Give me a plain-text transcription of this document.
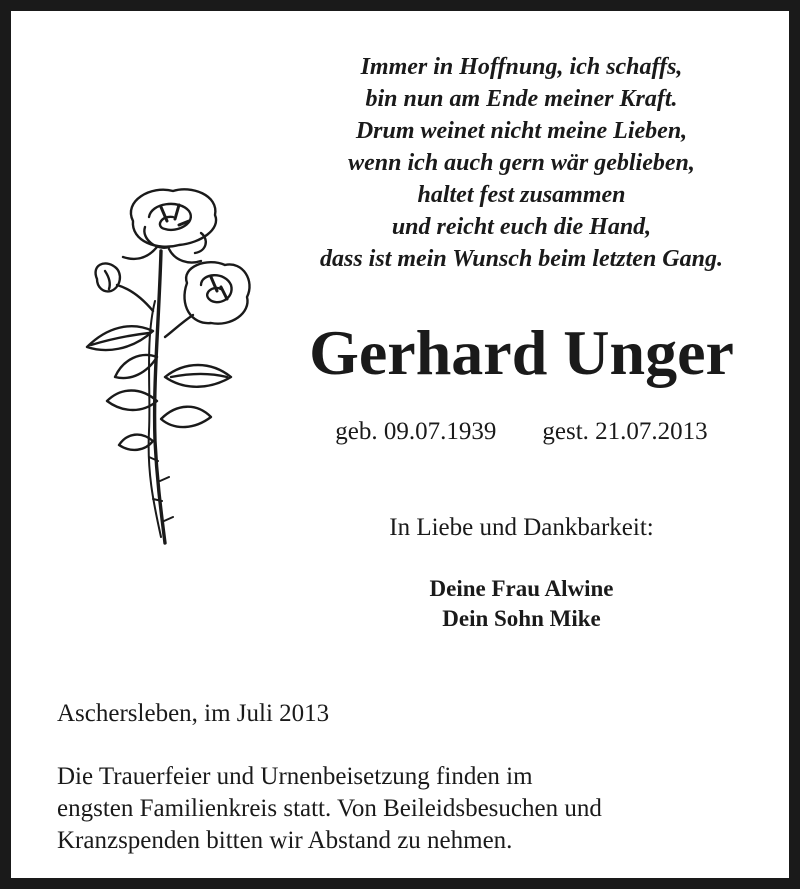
Immer in Hoffnung, ich schaffs,
bin nun am Ende meiner Kraft.
Drum weinet nicht meine Lieben,
wenn ich auch gern wär geblieben,
haltet fest zusammen
und reicht euch die Hand,
dass ist mein Wunsch beim letzten Gang.
Gerhard Unger
geb. 09.07.1939 gest. 21.07.2013
In Liebe und Dankbarkeit:
Deine Frau Alwine
Dein Sohn Mike
Aschersleben, im Juli 2013
Die Trauerfeier und Urnenbeisetzung finden im
engsten Familienkreis statt. Von Beileidsbesuchen und
Kranzspenden bitten wir Abstand zu nehmen.
